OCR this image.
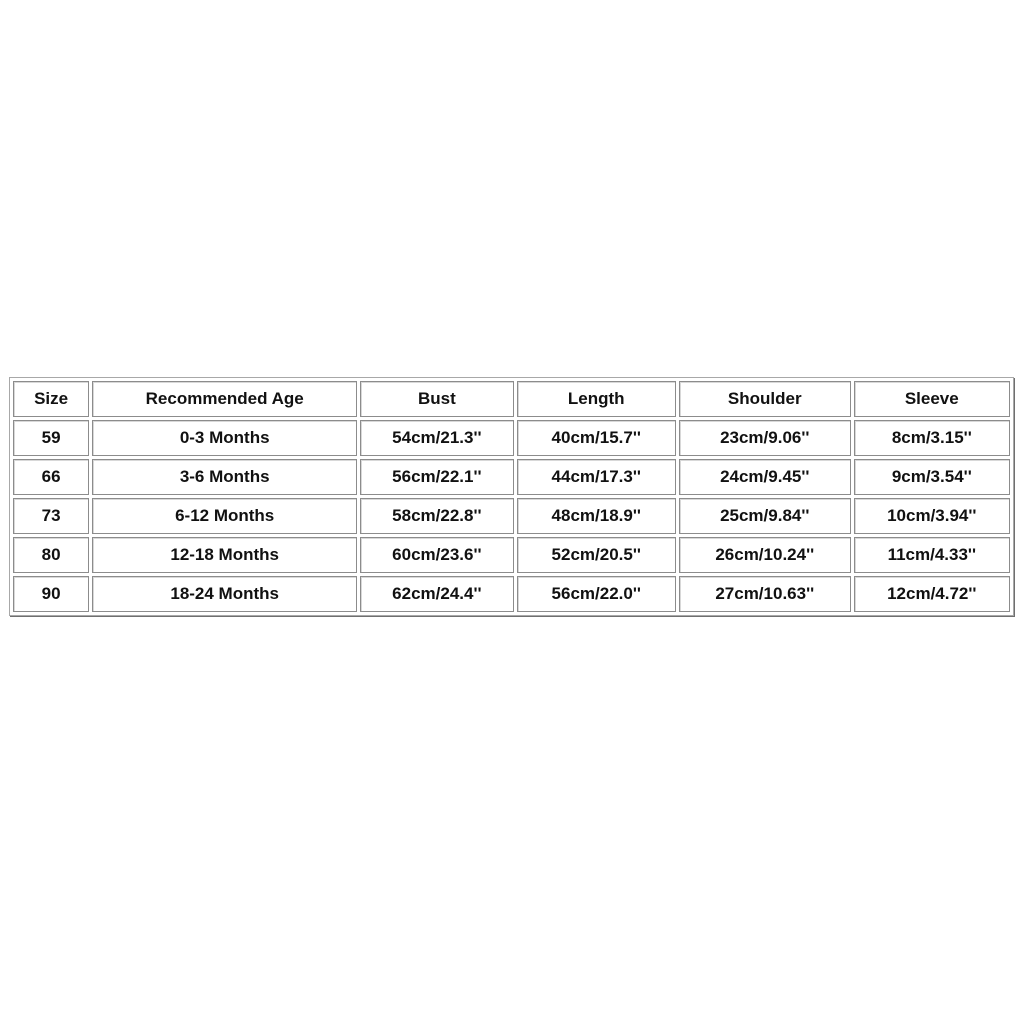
Size	Recommended Age	Bust	Length	Shoulder	Sleeve
59	0-3 Months	54cm/21.3''	40cm/15.7''	23cm/9.06''	8cm/3.15''
66	3-6 Months	56cm/22.1''	44cm/17.3''	24cm/9.45''	9cm/3.54''
73	6-12 Months	58cm/22.8''	48cm/18.9''	25cm/9.84''	10cm/3.94''
80	12-18 Months	60cm/23.6''	52cm/20.5''	26cm/10.24''	11cm/4.33''
90	18-24 Months	62cm/24.4''	56cm/22.0''	27cm/10.63''	12cm/4.72''
